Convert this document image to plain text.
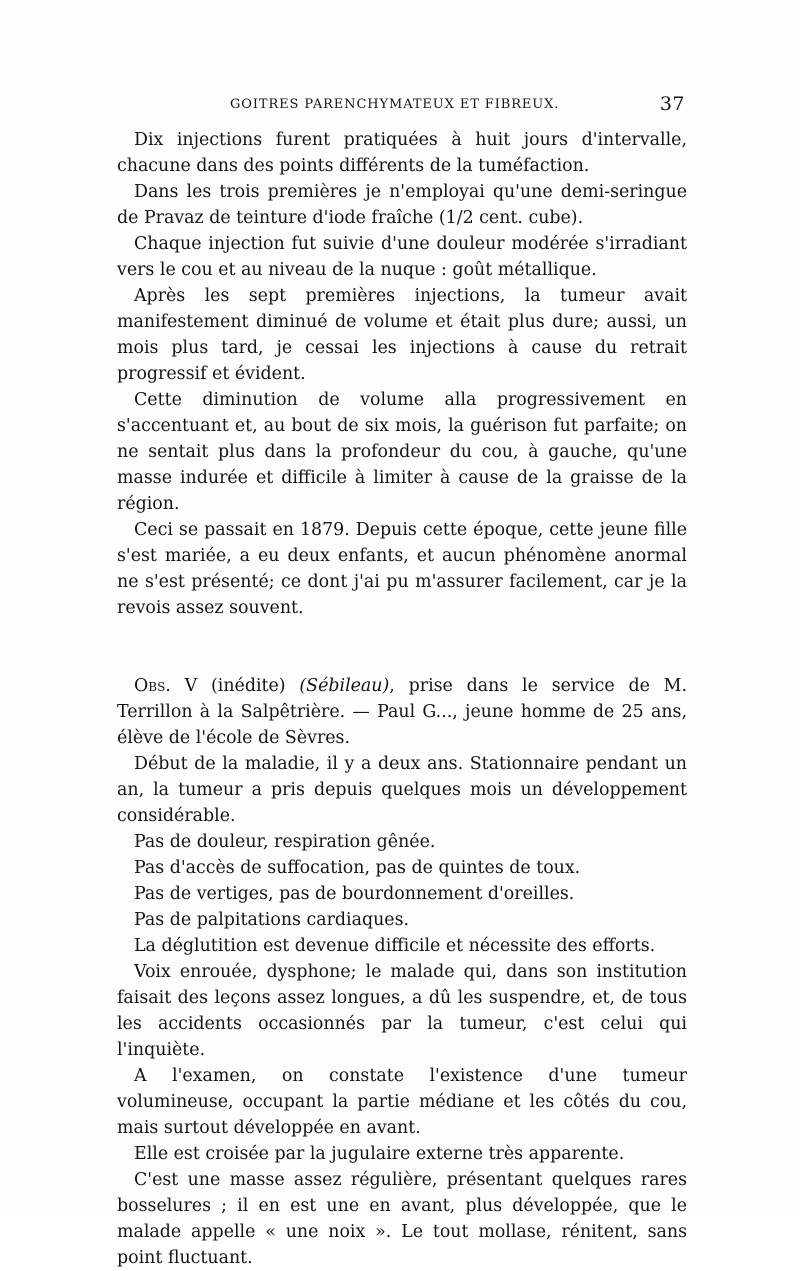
GOITRES PARENCHYMATEUX ET FIBREUX.	37

Dix injections furent pratiquées à huit jours d'intervalle, chacune dans des points différents de la tuméfaction.

Dans les trois premières je n'employai qu'une demi-seringue de Pravaz de teinture d'iode fraîche (1/2 cent. cube).

Chaque injection fut suivie d'une douleur modérée s'irradiant vers le cou et au niveau de la nuque : goût métallique.

Après les sept premières injections, la tumeur avait manifestement diminué de volume et était plus dure; aussi, un mois plus tard, je cessai les injections à cause du retrait progressif et évident.

Cette diminution de volume alla progressivement en s'accentuant et, au bout de six mois, la guérison fut parfaite; on ne sentait plus dans la profondeur du cou, à gauche, qu'une masse indurée et difficile à limiter à cause de la graisse de la région.

Ceci se passait en 1879. Depuis cette époque, cette jeune fille s'est mariée, a eu deux enfants, et aucun phénomène anormal ne s'est présenté; ce dont j'ai pu m'assurer facilement, car je la revois assez souvent.

Obs. V (inédite) (Sébileau), prise dans le service de M. Terrillon à la Salpêtrière. — Paul G..., jeune homme de 25 ans, élève de l'école de Sèvres.

Début de la maladie, il y a deux ans. Stationnaire pendant un an, la tumeur a pris depuis quelques mois un développement considérable.

Pas de douleur, respiration gênée.

Pas d'accès de suffocation, pas de quintes de toux.

Pas de vertiges, pas de bourdonnement d'oreilles.

Pas de palpitations cardiaques.

La déglutition est devenue difficile et nécessite des efforts.

Voix enrouée, dysphone; le malade qui, dans son institution faisait des leçons assez longues, a dû les suspendre, et, de tous les accidents occasionnés par la tumeur, c'est celui qui l'inquiète.

A l'examen, on constate l'existence d'une tumeur volumineuse, occupant la partie médiane et les côtés du cou, mais surtout développée en avant.

Elle est croisée par la jugulaire externe très apparente.

C'est une masse assez régulière, présentant quelques rares bosselures ; il en est une en avant, plus développée, que le malade appelle « une noix ». Le tout mollase, rénitent, sans point fluctuant.
